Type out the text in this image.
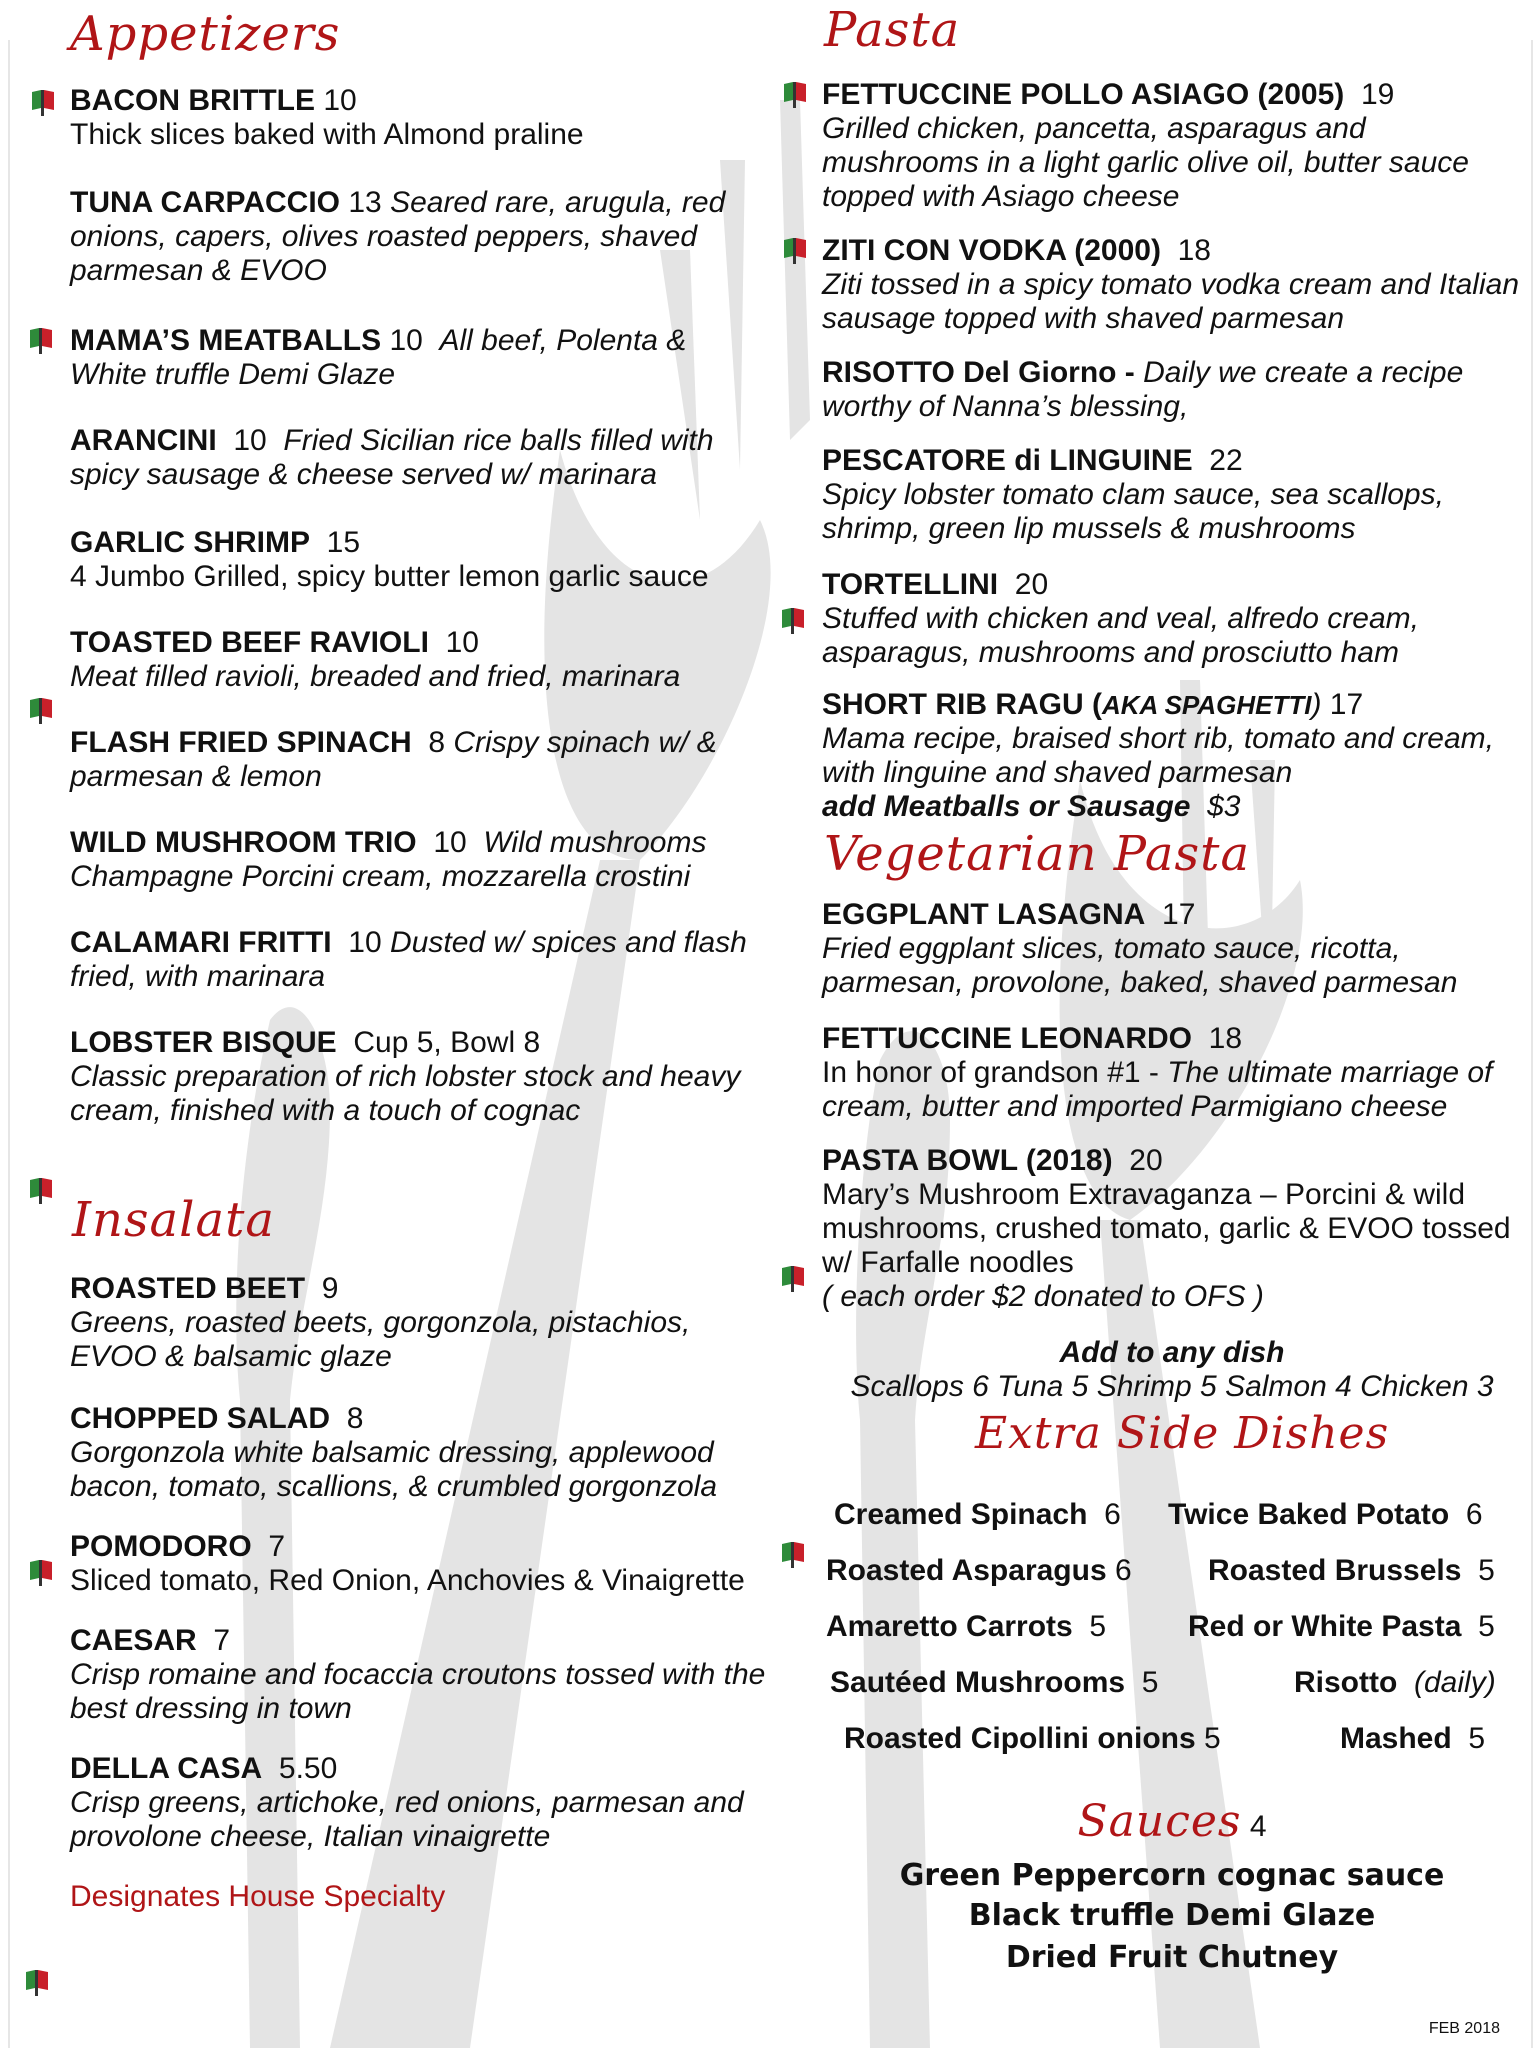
Appetizers
BACON BRITTLE 10
Thick slices baked with Almond praline
TUNA CARPACCIO 13 Seared rare, arugula, red onions, capers, olives roasted peppers, shaved parmesan & EVOO
MAMA’S MEATBALLS 10 All beef, Polenta & White truffle Demi Glaze
ARANCINI 10 Fried Sicilian rice balls filled with spicy sausage & cheese served w/ marinara
GARLIC SHRIMP 15
4 Jumbo Grilled, spicy butter lemon garlic sauce
TOASTED BEEF RAVIOLI 10
Meat filled ravioli, breaded and fried, marinara
FLASH FRIED SPINACH 8 Crispy spinach w/ & parmesan & lemon
WILD MUSHROOM TRIO 10 Wild mushrooms Champagne Porcini cream, mozzarella crostini
CALAMARI FRITTI 10 Dusted w/ spices and flash fried, with marinara
LOBSTER BISQUE Cup 5, Bowl 8
Classic preparation of rich lobster stock and heavy cream, finished with a touch of cognac
Insalata
ROASTED BEET 9
Greens, roasted beets, gorgonzola, pistachios, EVOO & balsamic glaze
CHOPPED SALAD 8
Gorgonzola white balsamic dressing, applewood bacon, tomato, scallions, & crumbled gorgonzola
POMODORO 7
Sliced tomato, Red Onion, Anchovies & Vinaigrette
CAESAR 7
Crisp romaine and focaccia croutons tossed with the best dressing in town
DELLA CASA 5.50
Crisp greens, artichoke, red onions, parmesan and provolone cheese, Italian vinaigrette
Designates House Specialty
Pasta
FETTUCCINE POLLO ASIAGO (2005) 19
Grilled chicken, pancetta, asparagus and mushrooms in a light garlic olive oil, butter sauce topped with Asiago cheese
ZITI CON VODKA (2000) 18
Ziti tossed in a spicy tomato vodka cream and Italian sausage topped with shaved parmesan
RISOTTO Del Giorno - Daily we create a recipe worthy of Nanna’s blessing,
PESCATORE di LINGUINE 22
Spicy lobster tomato clam sauce, sea scallops, shrimp, green lip mussels & mushrooms
TORTELLINI 20
Stuffed with chicken and veal, alfredo cream, asparagus, mushrooms and prosciutto ham
SHORT RIB RAGU (AKA SPAGHETTI) 17
Mama recipe, braised short rib, tomato and cream, with linguine and shaved parmesan
add Meatballs or Sausage $3
Vegetarian Pasta
EGGPLANT LASAGNA 17
Fried eggplant slices, tomato sauce, ricotta, parmesan, provolone, baked, shaved parmesan
FETTUCCINE LEONARDO 18
In honor of grandson #1 - The ultimate marriage of cream, butter and imported Parmigiano cheese
PASTA BOWL (2018) 20
Mary’s Mushroom Extravaganza – Porcini & wild mushrooms, crushed tomato, garlic & EVOO tossed w/ Farfalle noodles
( each order $2 donated to OFS )
Add to any dish
Scallops 6 Tuna 5 Shrimp 5 Salmon 4 Chicken 3
Extra Side Dishes
Creamed Spinach 6 Twice Baked Potato 6
Roasted Asparagus 6	Roasted Brussels 5
Amaretto Carrots 5	Red or White Pasta 5
Sautéed Mushrooms 5	Risotto (daily)
Roasted Cipollini onions 5	Mashed 5
Sauces 4
Green Peppercorn cognac sauce
Black truffle Demi Glaze
Dried Fruit Chutney
FEB 2018
